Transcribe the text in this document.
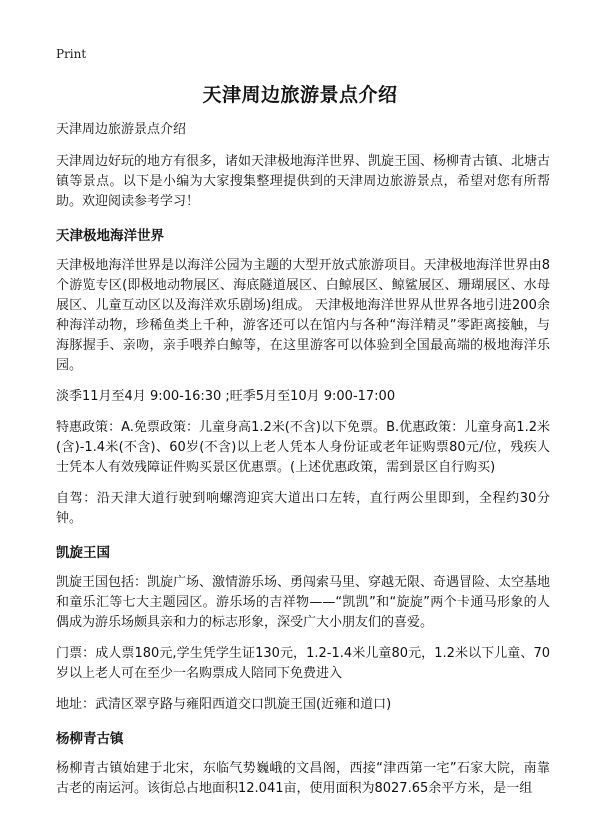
Print
天津周边旅游景点介绍

天津周边旅游景点介绍

天津周边好玩的地方有很多，诸如天津极地海洋世界、凯旋王国、杨柳青古镇、北塘古镇等景点。以下是小编为大家搜集整理提供到的天津周边旅游景点，希望对您有所帮助。欢迎阅读参考学习！

天津极地海洋世界

天津极地海洋世界是以海洋公园为主题的大型开放式旅游项目。天津极地海洋世界由8个游览专区(即极地动物展区、海底隧道展区、白鲸展区、鲸鲨展区、珊瑚展区、水母展区、儿童互动区以及海洋欢乐剧场)组成。 天津极地海洋世界从世界各地引进200余种海洋动物，珍稀鱼类上千种，游客还可以在馆内与各种“海洋精灵”零距离接触，与海豚握手、亲吻，亲手喂养白鲸等，在这里游客可以体验到全国最高端的极地海洋乐园。

淡季11月至4月 9:00-16:30 ;旺季5月至10月 9:00-17:00

特惠政策：A.免票政策：儿童身高1.2米(不含)以下免票。B.优惠政策：儿童身高1.2米(含)-1.4米(不含)、60岁(不含)以上老人凭本人身份证或老年证购票80元/位，残疾人士凭本人有效残障证件购买景区优惠票。(上述优惠政策，需到景区自行购买)

自驾：沿天津大道行驶到响螺湾迎宾大道出口左转，直行两公里即到，全程约30分钟。

凯旋王国

凯旋王国包括：凯旋广场、激情游乐场、勇闯索马里、穿越无限、奇遇冒险、太空基地和童乐汇等七大主题园区。游乐场的吉祥物——“凯凯”和“旋旋”两个卡通马形象的人偶成为游乐场颇具亲和力的标志形象，深受广大小朋友们的喜爱。

门票：成人票180元,学生凭学生证130元，1.2-1.4米儿童80元，1.2米以下儿童、70岁以上老人可在至少一名购票成人陪同下免费进入

地址：武清区翠亨路与雍阳西道交口凯旋王国(近雍和道口)

杨柳青古镇

杨柳青古镇始建于北宋，东临气势巍峨的文昌阁，西接“津西第一宅”石家大院，南靠古老的南运河。该街总占地面积12.041亩，使用面积为8027.65余平方米，是一组
